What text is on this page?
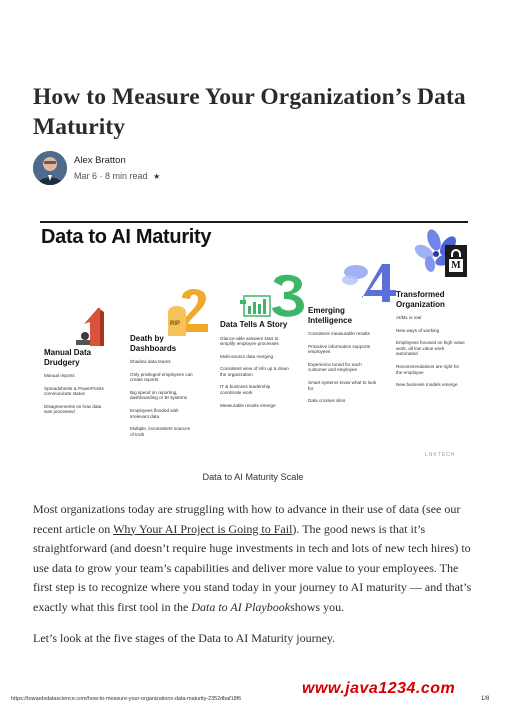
How to Measure Your Organization’s Data Maturity
Alex Bratton
Mar 6 · 8 min read ★
Data to AI Maturity
RIP
Manual Data Drudgery
Manual reports
Spreadsheets & PowerPoints communicate status
Disagreements on how data was processed
Death by Dashboards
Shadow data teams
Only privileged employees can create reports
Big spend on reporting, dashboarding or BI systems
Employees flooded with irrelevant data
Multiple, inconsistent sources of truth
Data Tells A Story
Glance-able answers start to simplify employee processes
Multi-source data merging
Consistent view of info up & down the organization
IT & business leadership coordinate work
Measurable results emerge
Emerging Intelligence
Consistent measurable results
Proactive information supports employees
Experience tuned for each customer and employee
Smart systems know what to look for
Data crosses silos
Transformed Organization
AI/ML is real
New ways of working
Employees focused on high value work, all low value work automated
Recommendations are right for the employee
New business models emerge
M
LNKTECH
Data to AI Maturity Scale

Most organizations today are struggling with how to advance in their use of data (see our recent article on Why Your AI Project is Going to Fail). The good news is that it’s straightforward (and doesn’t require huge investments in tech and lots of new tech hires) to use data to grow your team’s capabilities and deliver more value to your employees. The first step is to recognize where you stand today in your journey to AI maturity — and that’s exactly what this first tool in the Data to AI Playbookshows you.

Let’s look at the five stages of the Data to AI Maturity journey.

https://towardsdatascience.com/how-to-measure-your-organizations-data-maturity-2352dbaf18f6
www.java1234.com
1/8
